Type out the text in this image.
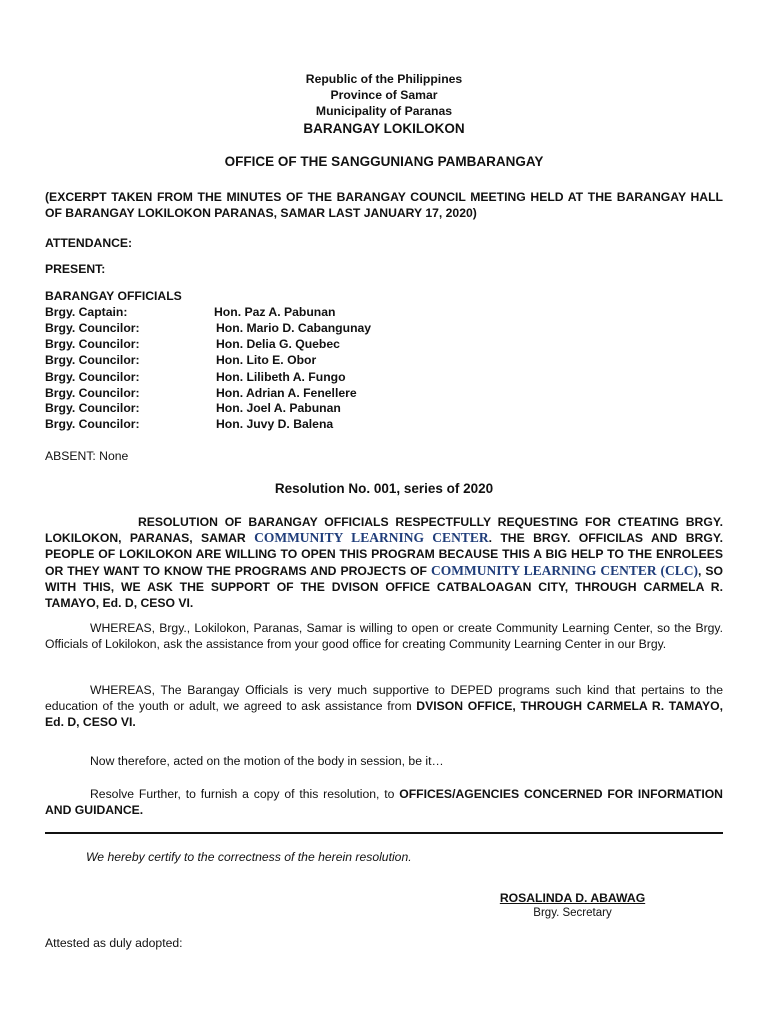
Republic of the Philippines
Province of Samar
Municipality of Paranas
BARANGAY LOKILOKON
OFFICE OF THE SANGGUNIANG PAMBARANGAY

(EXCERPT TAKEN FROM THE MINUTES OF THE BARANGAY COUNCIL MEETING HELD AT THE BARANGAY HALL OF BARANGAY LOKILOKON PARANAS, SAMAR LAST JANUARY 17, 2020)

ATTENDANCE:
PRESENT:
BARANGAY OFFICIALS
Brgy. Captain:	Hon. Paz A. Pabunan
Brgy. Councilor:	Hon. Mario D. Cabangunay
Brgy. Councilor:	Hon. Delia G. Quebec
Brgy. Councilor:	Hon. Lito E. Obor
Brgy. Councilor:	Hon. Lilibeth A. Fungo
Brgy. Councilor:	Hon. Adrian A. Fenellere
Brgy. Councilor:	Hon. Joel A. Pabunan
Brgy. Councilor:	Hon. Juvy D. Balena
ABSENT: None
Resolution No. 001, series of 2020

RESOLUTION OF BARANGAY OFFICIALS RESPECTFULLY REQUESTING FOR CTEATING BRGY. LOKILOKON, PARANAS, SAMAR COMMUNITY LEARNING CENTER. THE BRGY. OFFICILAS AND BRGY. PEOPLE OF LOKILOKON ARE WILLING TO OPEN THIS PROGRAM BECAUSE THIS A BIG HELP TO THE ENROLEES OR THEY WANT TO KNOW THE PROGRAMS AND PROJECTS OF COMMUNITY LEARNING CENTER (CLC), SO WITH THIS, WE ASK THE SUPPORT OF THE DVISON OFFICE CATBALOAGAN CITY, THROUGH CARMELA R. TAMAYO, Ed. D, CESO VI.

WHEREAS, Brgy., Lokilokon, Paranas, Samar is willing to open or create Community Learning Center, so the Brgy. Officials of Lokilokon, ask the assistance from your good office for creating Community Learning Center in our Brgy.

WHEREAS, The Barangay Officials is very much supportive to DEPED programs such kind that pertains to the education of the youth or adult, we agreed to ask assistance from DVISON OFFICE, THROUGH CARMELA R. TAMAYO, Ed. D, CESO VI.

Now therefore, acted on the motion of the body in session, be it…

Resolve Further, to furnish a copy of this resolution, to OFFICES/AGENCIES CONCERNED FOR INFORMATION AND GUIDANCE.

We hereby certify to the correctness of the herein resolution.
ROSALINDA D. ABAWAG
Brgy. Secretary
Attested as duly adopted:
